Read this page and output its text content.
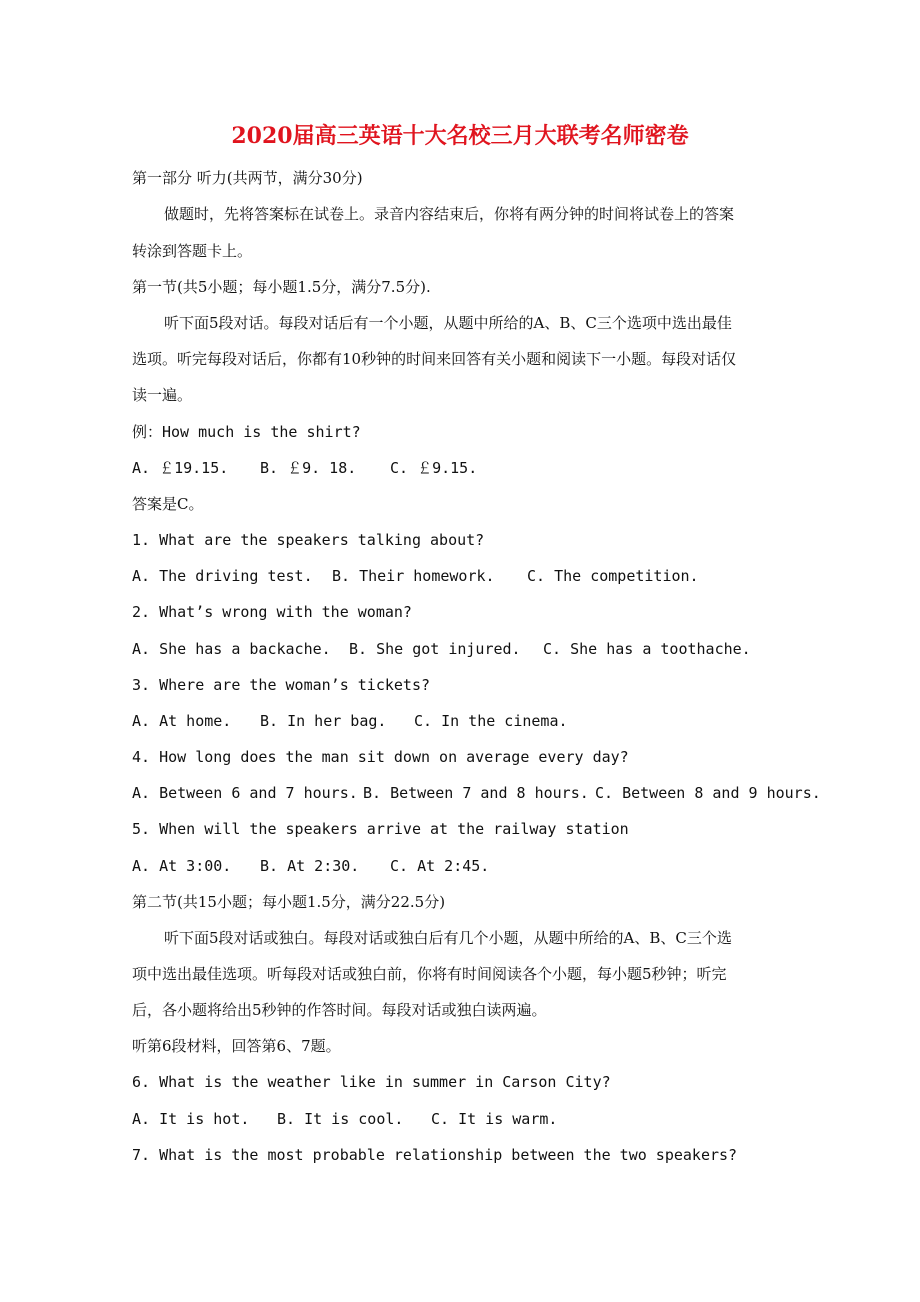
2020届高三英语十大名校三月大联考名师密卷
第一部分 听力(共两节，满分30分)
做题时，先将答案标在试卷上。录音内容结束后，你将有两分钟的时间将试卷上的答案
转涂到答题卡上。
第一节(共5小题；每小题1.5分，满分7.5分).
听下面5段对话。每段对话后有一个小题，从题中所给的A、B、C三个选项中选出最佳
选项。听完每段对话后，你都有10秒钟的时间来回答有关小题和阅读下一小题。每段对话仅
读一遍。
例：How much is the shirt?
A. ￡19.15. B. ￡9. 18. C. ￡9.15.
答案是C。
1. What are the speakers talking about?
A. The driving test. B. Their homework. C. The competition.
2. What’s wrong with the woman?
A. She has a backache. B. She got injured. C. She has a toothache.
3. Where are the woman’s tickets?
A. At home. B. In her bag. C. In the cinema.
4. How long does the man sit down on average every day?
A. Between 6 and 7 hours. B. Between 7 and 8 hours. C. Between 8 and 9 hours.
5. When will the speakers arrive at the railway station
A. At 3:00. B. At 2:30. C. At 2:45.
第二节(共15小题；每小题1.5分，满分22.5分)
听下面5段对话或独白。每段对话或独白后有几个小题，从题中所给的A、B、C三个选
项中选出最佳选项。听每段对话或独白前，你将有时间阅读各个小题，每小题5秒钟；听完
后，各小题将给出5秒钟的作答时间。每段对话或独白读两遍。
听第6段材料，回答第6、7题。
6. What is the weather like in summer in Carson City?
A. It is hot. B. It is cool. C. It is warm.
7. What is the most probable relationship between the two speakers?
